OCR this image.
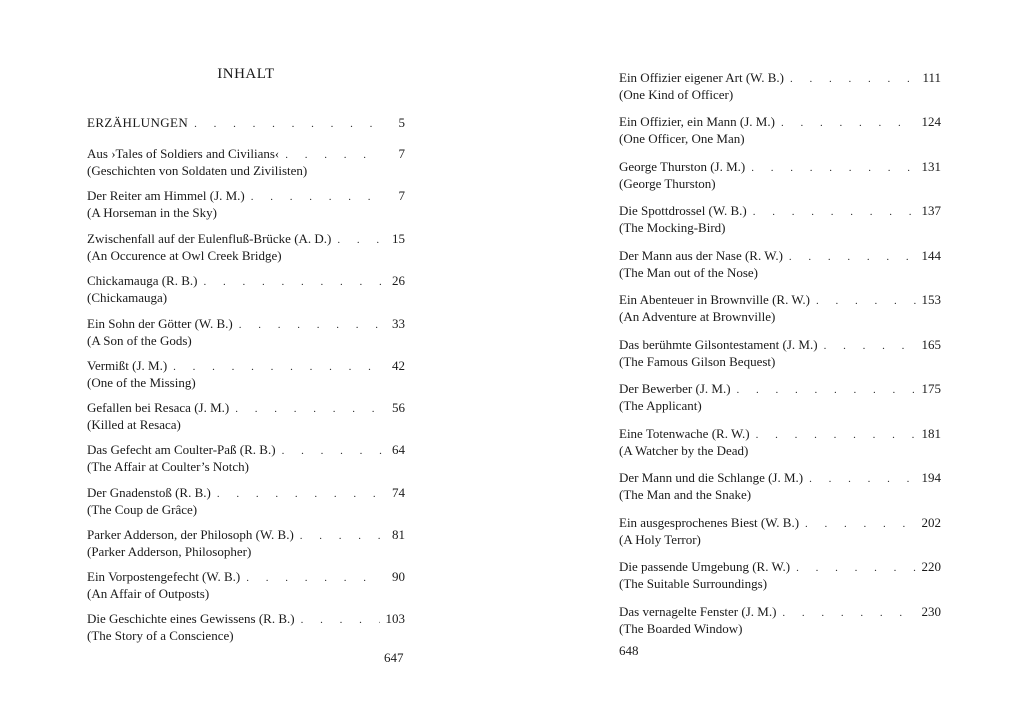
INHALT
ERZÄHLUNGEN . . .	5
Aus ›Tales of Soldiers and Civilians‹ . . .	7
(Geschichten von Soldaten und Zivilisten)
Der Reiter am Himmel (J. M.) . . .	7
(A Horseman in the Sky)
Zwischenfall auf der Eulenfluß-Brücke (A. D.) . . .	15
(An Occurence at Owl Creek Bridge)
Chickamauga (R. B.) . . .	26
(Chickamauga)
Ein Sohn der Götter (W. B.) . . .	33
(A Son of the Gods)
Vermißt (J. M.) . . .	42
(One of the Missing)
Gefallen bei Resaca (J. M.) . . .	56
(Killed at Resaca)
Das Gefecht am Coulter-Paß (R. B.) . . .	64
(The Affair at Coulter’s Notch)
Der Gnadenstoß (R. B.) . . .	74
(The Coup de Grâce)
Parker Adderson, der Philosoph (W. B.) . . .	81
(Parker Adderson, Philosopher)
Ein Vorpostengefecht (W. B.) . . .	90
(An Affair of Outposts)
Die Geschichte eines Gewissens (R. B.) . . .	103
(The Story of a Conscience)
647
Ein Offizier eigener Art (W. B.) . . .	111
(One Kind of Officer)
Ein Offizier, ein Mann (J. M.) . . .	124
(One Officer, One Man)
George Thurston (J. M.) . . .	131
(George Thurston)
Die Spottdrossel (W. B.) . . .	137
(The Mocking-Bird)
Der Mann aus der Nase (R. W.) . . .	144
(The Man out of the Nose)
Ein Abenteuer in Brownville (R. W.) . . .	153
(An Adventure at Brownville)
Das berühmte Gilsontestament (J. M.) . . .	165
(The Famous Gilson Bequest)
Der Bewerber (J. M.) . . .	175
(The Applicant)
Eine Totenwache (R. W.) . . .	181
(A Watcher by the Dead)
Der Mann und die Schlange (J. M.) . . .	194
(The Man and the Snake)
Ein ausgesprochenes Biest (W. B.) . . .	202
(A Holy Terror)
Die passende Umgebung (R. W.) . . .	220
(The Suitable Surroundings)
Das vernagelte Fenster (J. M.) . . .	230
(The Boarded Window)
648
